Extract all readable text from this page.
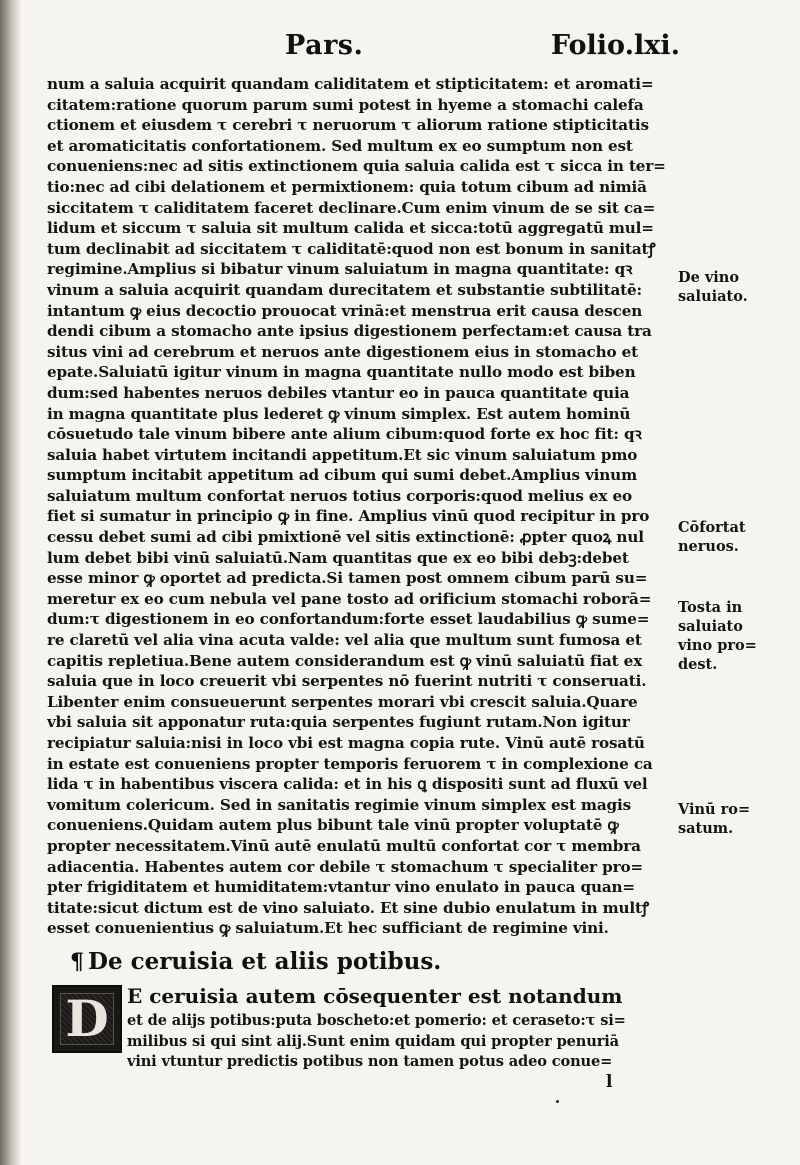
Pars.	Folio.lxi.
num a saluia acquirit quandam caliditatem et stipticitatem: et aromati=
citatem:ratione quorum parum sumi potest in hyeme a stomachi calefa
ctionem et eiusdem τ cerebri τ neruorum τ aliorum ratione stipticitatis
et aromaticitatis confortationem. Sed multum ex eo sumptum non est
conueniens:nec ad sitis extinctionem quia saluia calida est τ sicca in ter=
tio:nec ad cibi delationem et permixtionem: quia totum cibum ad nimiā
siccitatem τ caliditatem faceret declinare.Cum enim vinum de se sit ca=
lidum et siccum τ saluia sit multum calida et sicca:totū aggregatū mul=
tum declinabit ad siccitatem τ caliditatē:quod non est bonum in sanitatꝭ
regimine.Amplius si bibatur vinum saluiatum in magna quantitate: qꝛ
vinum a saluia acquirit quandam durecitatem et substantie subtilitatē:
intantum ꝙ eius decoctio prouocat vrinā:et menstrua erit causa descen
dendi cibum a stomacho ante ipsius digestionem perfectam:et causa tra
situs vini ad cerebrum et neruos ante digestionem eius in stomacho et
epate.Saluiatū igitur vinum in magna quantitate nullo modo est biben
dum:sed habentes neruos debiles vtantur eo in pauca quantitate quia
in magna quantitate plus lederet ꝙ vinum simplex. Est autem hominū
cōsuetudo tale vinum bibere ante alium cibum:quod forte ex hoc fit: qꝛ
saluia habet virtutem incitandi appetitum.Et sic vinum saluiatum pmo
sumptum incitabit appetitum ad cibum qui sumi debet.Amplius vinum
saluiatum multum confortat neruos totius corporis:quod melius ex eo
fiet si sumatur in principio ꝙ in fine. Amplius vinū quod recipitur in pro
cessu debet sumi ad cibi pmixtionē vel sitis extinctionē: ꝓpter quoꝝ nul
lum debet bibi vinū saluiatū.Nam quantitas que ex eo bibi debꝫ:debet
esse minor ꝙ oportet ad predicta.Si tamen post omnem cibum parū su=
meretur ex eo cum nebula vel pane tosto ad orificium stomachi roborā=
dum:τ digestionem in eo confortandum:forte esset laudabilius ꝙ sume=
re claretū vel alia vina acuta valde: vel alia que multum sunt fumosa et
capitis repletiua.Bene autem considerandum est ꝙ vinū saluiatū fiat ex
saluia que in loco creuerit vbi serpentes nō fuerint nutriti τ conseruati.
Libenter enim consueuerunt serpentes morari vbi crescit saluia.Quare
vbi saluia sit apponatur ruta:quia serpentes fugiunt rutam.Non igitur
recipiatur saluia:nisi in loco vbi est magna copia rute. Vinū autē rosatū
in estate est conueniens propter temporis feruorem τ in complexione ca
lida τ in habentibus viscera calida: et in his ꝗ dispositi sunt ad fluxū vel
vomitum colericum. Sed in sanitatis regimie vinum simplex est magis
conueniens.Quidam autem plus bibunt tale vinū propter voluptatē ꝙ
propter necessitatem.Vinū autē enulatū multū confortat cor τ membra
adiacentia. Habentes autem cor debile τ stomachum τ specialiter pro=
pter frigiditatem et humiditatem:vtantur vino enulato in pauca quan=
titate:sicut dictum est de vino saluiato. Et sine dubio enulatum in multꝭ
esset conuenientius ꝙ saluiatum.Et hec sufficiant de regimine vini.
De vino
saluiato.
Cōfortat
neruos.
Tosta in
saluiato
vino pro=
dest.
Vinū ro=
satum.
¶ De ceruisia et aliis potibus.
D E ceruisia autem cōsequenter est notandum
et de alijs potibus:puta boscheto:et pomerio: et ceraseto:τ si=
milibus si qui sint alij.Sunt enim quidam qui propter penuriā
vini vtuntur predictis potibus non tamen potus adeo conue=
l
